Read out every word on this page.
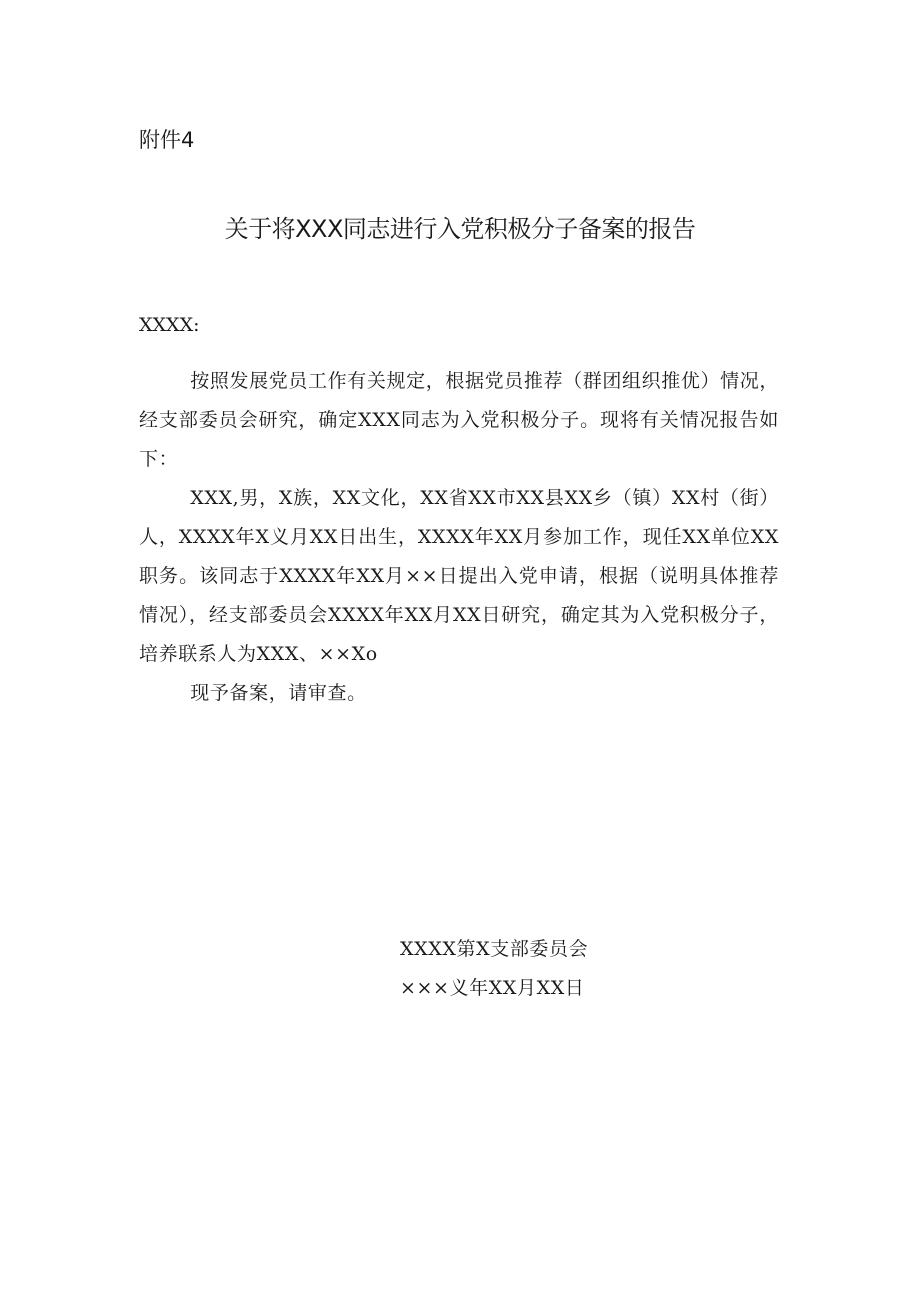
附件4
关于将XXX同志进行入党积极分子备案的报告
XXXX:

按照发展党员工作有关规定，根据党员推荐（群团组织推优）情况，经支部委员会研究，确定XXX同志为入党积极分子。现将有关情况报告如下：

XXX,男，X族，XX文化，XX省XX市XX县XX乡（镇）XX村（街）人，XXXX年X义月XX日出生，XXXX年XX月参加工作，现任XX单位XX职务。该同志于XXXX年XX月××日提出入党申请，根据（说明具体推荐情况），经支部委员会XXXX年XX月XX日研究，确定其为入党积极分子，培养联系人为XXX、××Xo

现予备案，请审查。

XXXX第X支部委员会
×××义年XX月XX日
